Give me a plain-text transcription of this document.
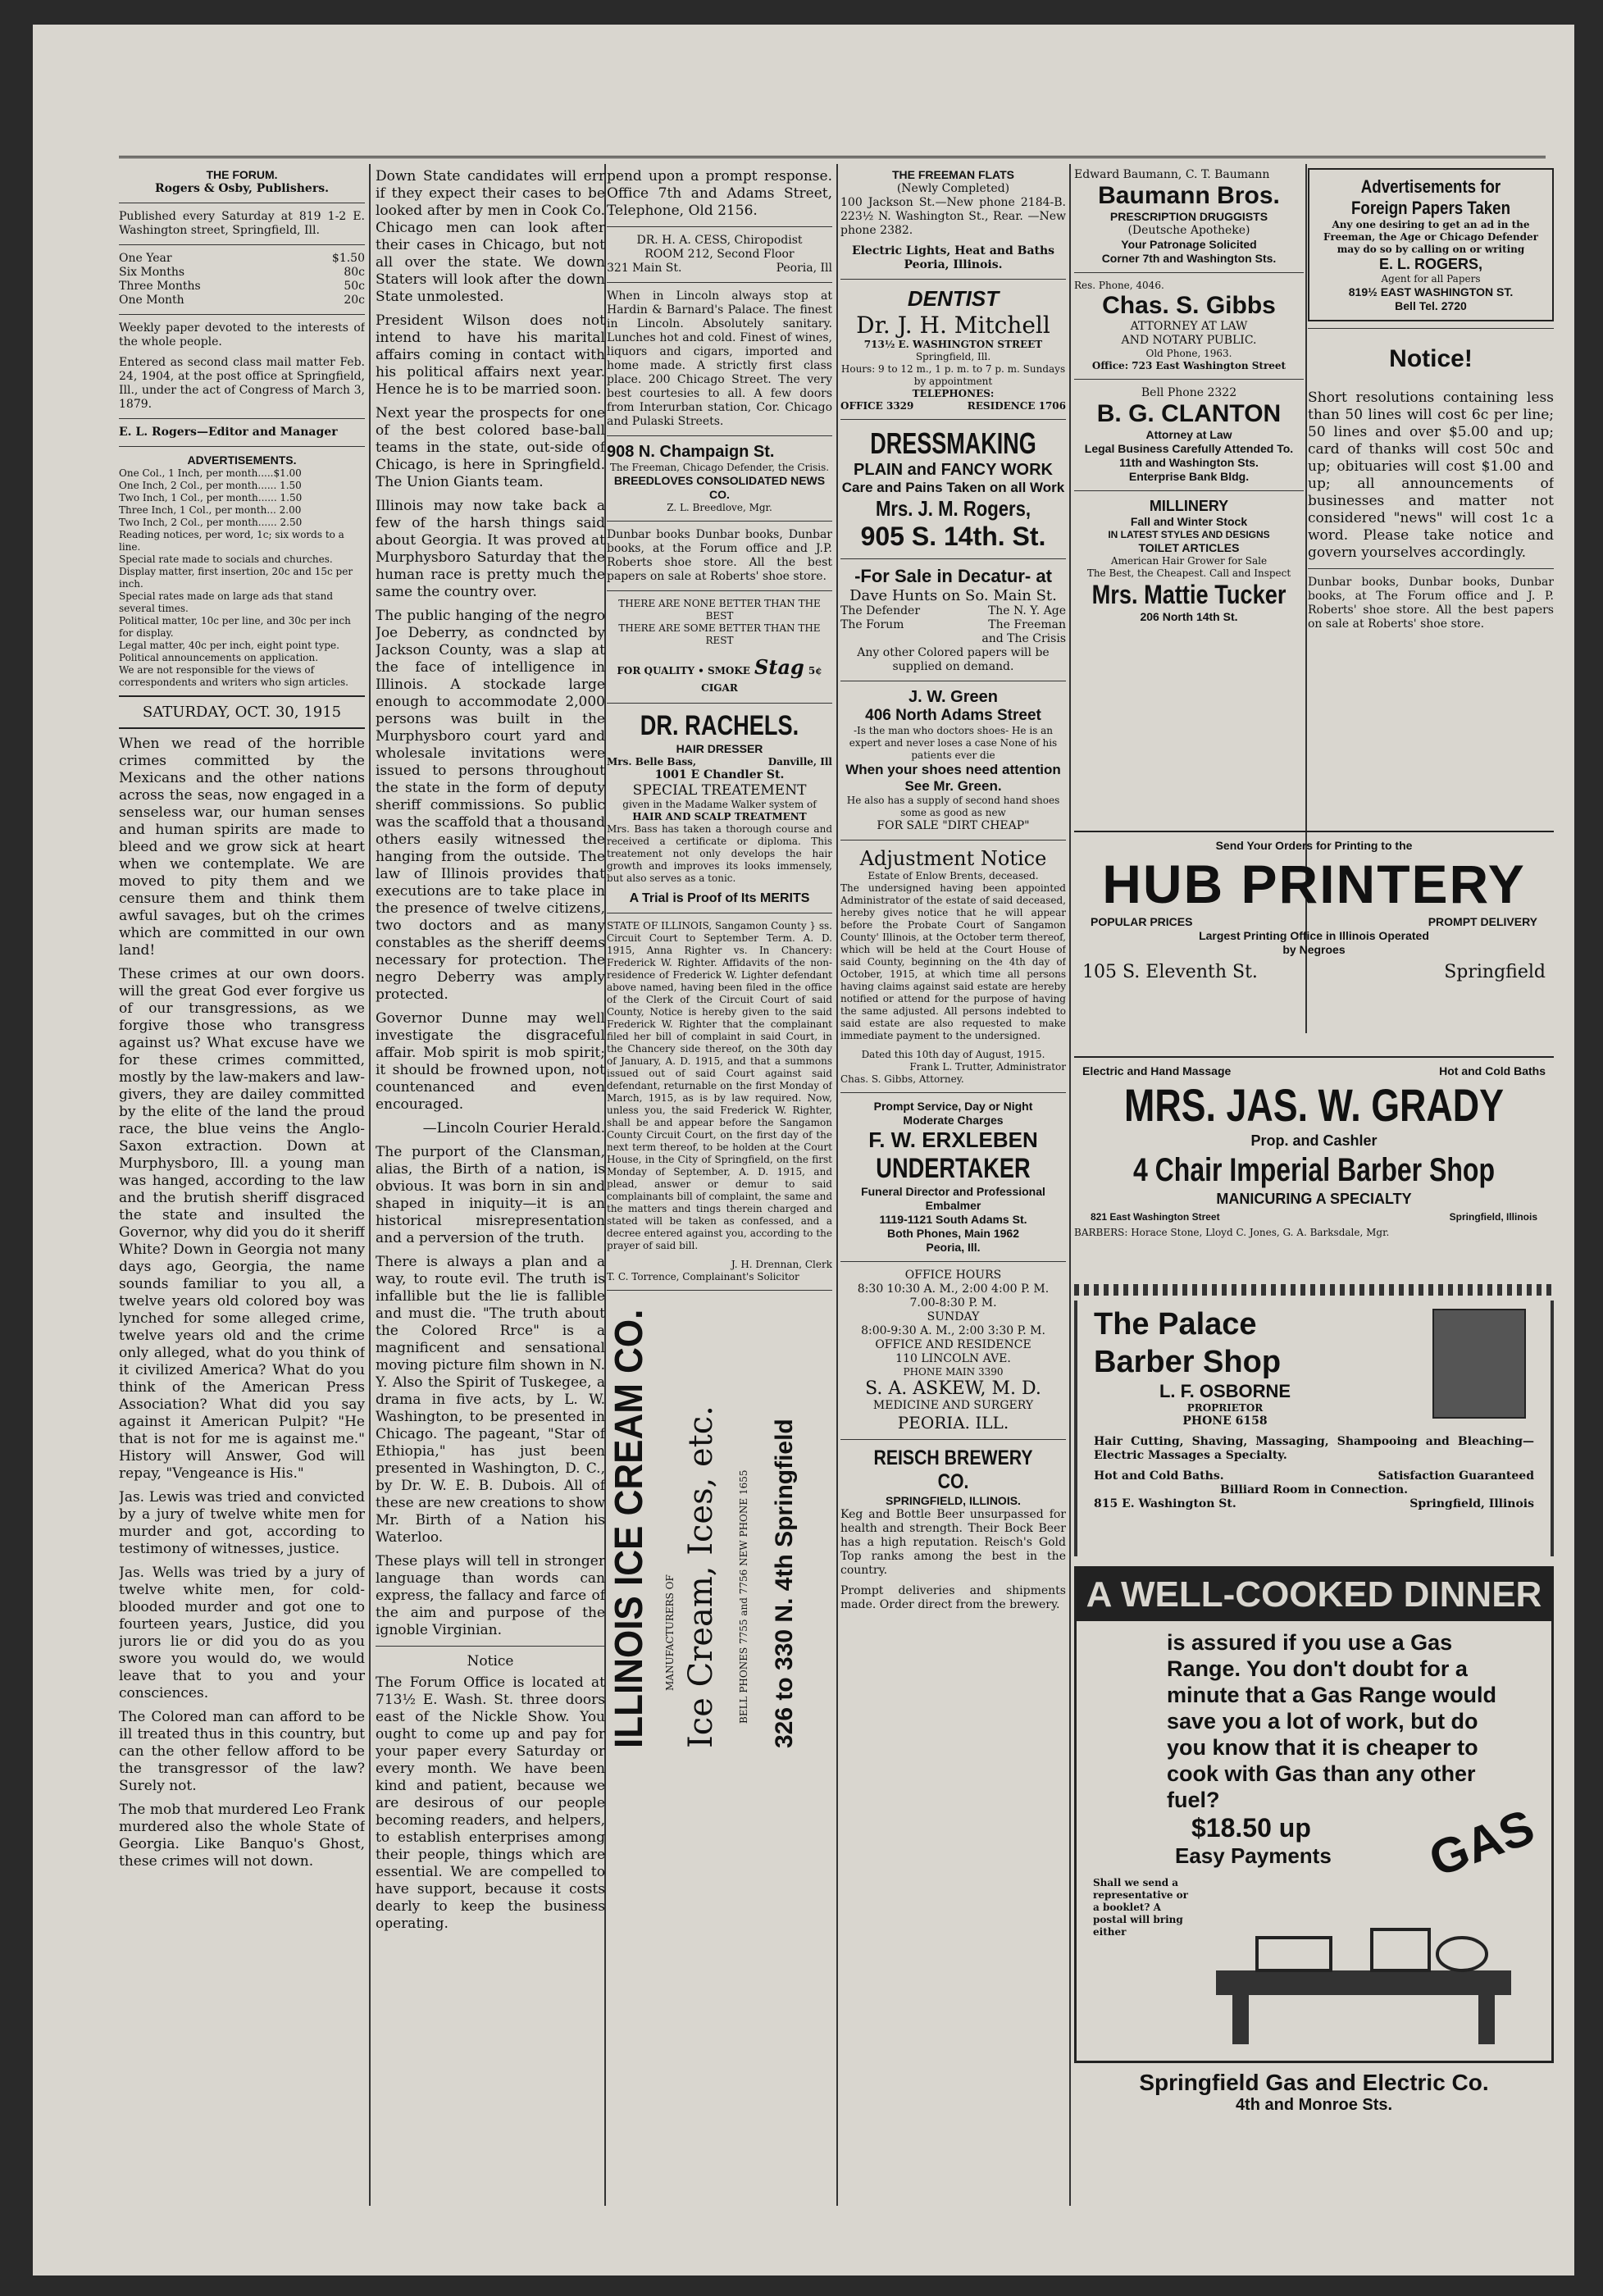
THE FORUM.
Rogers & Osby, Publishers.

Published every Saturday at 819 1-2 E. Washington street, Springfield, Ill.

One Year	$1.50
Six Months	80c
Three Months	50c
One Month	20c

Weekly paper devoted to the interests of the whole people.

Entered as second class mail matter Feb. 24, 1904, at the post office at Springfield, Ill., under the act of Congress of March 3, 1879.

E. L. Rogers—Editor and Manager
ADVERTISEMENTS.
One Col., 1 Inch, per month.....$1.00
One Inch, 2 Col., per month...... 1.50
Two Inch, 1 Col., per month...... 1.50
Three Inch, 1 Col., per month... 2.00
Two Inch, 2 Col., per month...... 2.50
Reading notices, per word, 1c; six words to a line.
Special rate made to socials and churches.
Display matter, first insertion, 20c and 15c per inch.
Special rates made on large ads that stand several times.
Political matter, 10c per line, and 30c per inch for display.
Legal matter, 40c per inch, eight point type.
Political announcements on application.
We are not responsible for the views of correspondents and writers who sign articles.
SATURDAY, OCT. 30, 1915

When we read of the horrible crimes committed by the Mexicans and the other nations across the seas, now engaged in a senseless war, our human senses and human spirits are made to bleed and we grow sick at heart when we contemplate. We are moved to pity them and we censure them and think them awful savages, but oh the crimes which are committed in our own land!

These crimes at our own doors. will the great God ever forgive us of our transgressions, as we forgive those who transgress against us? What excuse have we for these crimes committed, mostly by the law-makers and law-givers, they are dailey committed by the elite of the land the proud race, the blue veins the Anglo-Saxon extraction. Down at Murphysboro, Ill. a young man was hanged, according to the law and the brutish sheriff disgraced the state and insulted the Governor, why did you do it sheriff White? Down in Georgia not many days ago, Georgia, the name sounds familiar to you all, a twelve years old colored boy was lynched for some alleged crime, twelve years old and the crime only alleged, what do you think of it civilized America? What do you think of the American Press Association? What did you say against it American Pulpit? "He that is not for me is against me." History will Answer, God will repay, "Vengeance is His."

Jas. Lewis was tried and convicted by a jury of twelve white men for murder and got, according to testimony of witnesses, justice.

Jas. Wells was tried by a jury of twelve white men, for cold-blooded murder and got one to fourteen years, Justice, did you jurors lie or did you do as you swore you would do, we would leave that to you and your consciences.

The Colored man can afford to be ill treated thus in this country, but can the other fellow afford to be the transgressor of the law? Surely not.

The mob that murdered Leo Frank murdered also the whole State of Georgia. Like Banquo's Ghost, these crimes will not down.

Down State candidates will err if they expect their cases to be looked after by men in Cook Co. Chicago men can look after their cases in Chicago, but not all over the state. We down Staters will look after the down State unmolested.

President Wilson does not intend to have his marital affairs coming in contact with his political affairs next year. Hence he is to be married soon.

Next year the prospects for one of the best colored base-ball teams in the state, out-side of Chicago, is here in Springfield. The Union Giants team.

Illinois may now take back a few of the harsh things said about Georgia. It was proved at Murphysboro Saturday that the human race is pretty much the same the country over.

The public hanging of the negro Joe Deberry, as condncted by Jackson County, was a slap at the face of intelligence in Illinois. A stockade large enough to accommodate 2,000 persons was built in the Murphysboro court yard and wholesale invitations were issued to persons throughout the state in the form of deputy sheriff commissions. So public was the scaffold that a thousand others easily witnessed the hanging from the outside. The law of Illinois provides that executions are to take place in the presence of twelve citizens, two doctors and as many constables as the sheriff deems necessary for protection. The negro Deberry was amply protected.

Governor Dunne may well investigate the disgraceful affair. Mob spirit is mob spirit; it should be frowned upon, not countenanced and even encouraged.

—Lincoln Courier Herald.

The purport of the Clansman, alias, the Birth of a nation, is obvious. It was born in sin and shaped in iniquity—it is an historical misrepresentation and a perversion of the truth.

There is always a plan and a way, to route evil. The truth is infallible but the lie is fallible and must die. "The truth about the Colored Rrce" is a magnificent and sensational moving picture film shown in N. Y. Also the Spirit of Tuskegee, a drama in five acts, by L. W. Washington, to be presented in Chicago. The pageant, "Star of Ethiopia," has just been presented in Washington, D. C., by Dr. W. E. B. Dubois. All of these are new creations to show Mr. Birth of a Nation his Waterloo.

These plays will tell in stronger language than words can express, the fallacy and farce of the aim and purpose of the ignoble Virginian.

Notice

The Forum Office is located at 713½ E. Wash. St. three doors east of the Nickle Show. You ought to come up and pay for your paper every Saturday or every month. We have been kind and patient, because we are desirous of our people becoming readers, and helpers, to establish enterprises among their people, things which are essential. We are compelled to have support, because it costs dearly to keep the business operating.

pend upon a prompt response. Office 7th and Adams Street, Telephone, Old 2156.

DR. H. A. CESS, Chiropodist
ROOM 212, Second Floor
321 Main St.	Peoria, Ill

When in Lincoln always stop at Hardin & Barnard's Palace. The finest in Lincoln. Absolutely sanitary. Lunches hot and cold. Finest of wines, liquors and cigars, imported and home made. A strictly first class place. 200 Chicago Street. The very best courtesies to all. A few doors from Interurban station, Cor. Chicago and Pulaski Streets.

908 N. Champaign St.
The Freeman, Chicago Defender, the Crisis.
BREEDLOVES CONSOLIDATED NEWS CO.
Z. L. Breedlove, Mgr.

Dunbar books Dunbar books, Dunbar books, at the Forum office and J.P. Roberts shoe store. All the best papers on sale at Roberts' shoe store.

THERE ARE NONE BETTER THAN THE BEST
THERE ARE SOME BETTER THAN THE REST
FOR QUALITY • SMOKE Stag 5¢ CIGAR
DR. RACHELS.
HAIR DRESSER
Mrs. Belle Bass,	Danville, Ill
1001 E Chandler St.
SPECIAL TREATEMENT
given in the Madame Walker system of
HAIR AND SCALP TREATMENT

Mrs. Bass has taken a thorough course and received a certificate or diploma. This treatement not only develops the hair growth and improves its looks immensely, but also serves as a tonic.

A Trial is Proof of Its MERITS
STATE OF ILLINOIS, Sangamon County } ss.

Circuit Court to September Term. A. D. 1915, Anna Righter vs. In Chancery: Frederick W. Righter. Affidavits of the non-residence of Frederick W. Lighter defendant above named, having been filed in the office of the Clerk of the Circuit Court of said County, Notice is hereby given to the said Frederick W. Righter that the complainant filed her bill of complaint in said Court, in the Chancery side thereof, on the 30th day of January, A. D. 1915, and that a summons issued out of said Court against said defendant, returnable on the first Monday of March, 1915, as is by law required. Now, unless you, the said Frederick W. Righter, shall be and appear before the Sangamon County Circuit Court, on the first day of the next term thereof, to be holden at the Court House, in the City of Springfield, on the first Monday of September, A. D. 1915, and plead, answer or demur to said complainants bill of complaint, the same and the matters and tings therein charged and stated will be taken as confessed, and a decree entered against you, according to the prayer of said bill.

J. H. Drennan, Clerk
T. C. Torrence, Complainant's Solicitor
ILLINOIS ICE CREAM CO. MANUFACTURERS OF Ice Cream, Ices, etc. BELL PHONES 7755 and 7756 NEW PHONE 1655 326 to 330 N. 4th Springfield
THE FREEMAN FLATS
(Newly Completed)

100 Jackson St.—New phone 2184-B. 223½ N. Washington St., Rear. —New phone 2382.

Electric Lights, Heat and Baths Peoria, Illinois.
DENTIST
Dr. J. H. Mitchell
713½ E. WASHINGTON STREET
Springfield, Ill.
Hours: 9 to 12 m., 1 p. m. to 7 p. m. Sundays by appointment
TELEPHONES:
OFFICE 3329	RESIDENCE 1706
DRESSMAKING
PLAIN and FANCY WORK
Care and Pains Taken on all Work
Mrs. J. M. Rogers,
905 S. 14th. St.
-For Sale in Decatur- at
Dave Hunts on So. Main St.
The Defender	The N. Y. Age
The Forum	The Freeman
and The Crisis
Any other Colored papers will be supplied on demand.
J. W. Green
406 North Adams Street
-Is the man who doctors shoes- He is an expert and never loses a case None of his patients ever die
When your shoes need attention See Mr. Green.
He also has a supply of second hand shoes some as good as new
FOR SALE "DIRT CHEAP"
Adjustment Notice
Estate of Enlow Brents, deceased.

The undersigned having been appointed Administrator of the estate of said deceased, hereby gives notice that he will appear before the Probate Court of Sangamon County' Illinois, at the October term thereof, which will be held at the Court House of said County, beginning on the 4th day of October, 1915, at which time all persons having claims against said estate are hereby notified or attend for the purpose of having the same adjusted. All persons indebted to said estate are also requested to make immediate payment to the undersigned.

Dated this 10th day of August, 1915.
Frank L. Trutter, Administrator
Chas. S. Gibbs, Attorney.
Prompt Service, Day or Night
Moderate Charges
F. W. ERXLEBEN
UNDERTAKER
Funeral Director and Professional Embalmer
1119-1121 South Adams St.
Both Phones, Main 1962
Peoria, Ill.
OFFICE HOURS
8:30 10:30 A. M., 2:00 4:00 P. M.
7.00-8:30 P. M.
SUNDAY
8:00-9:30 A. M., 2:00 3:30 P. M.
OFFICE AND RESIDENCE
110 LINCOLN AVE.
PHONE MAIN 3390
S. A. ASKEW, M. D.
MEDICINE AND SURGERY
PEORIA. ILL.
REISCH BREWERY CO.
SPRINGFIELD, ILLINOIS.

Keg and Bottle Beer unsurpassed for health and strength. Their Bock Beer has a high reputation. Reisch's Gold Top ranks among the best in the country.

Prompt deliveries and shipments made. Order direct from the brewery.

Edward Baumann, C. T. Baumann
Baumann Bros.
PRESCRIPTION DRUGGISTS
(Deutsche Apotheke)
Your Patronage Solicited
Corner 7th and Washington Sts.
Res. Phone, 4046.
Chas. S. Gibbs
ATTORNEY AT LAW
AND NOTARY PUBLIC.
Old Phone, 1963.
Office: 723 East Washington Street
Bell Phone 2322
B. G. CLANTON
Attorney at Law
Legal Business Carefully Attended To.
11th and Washington Sts.
Enterprise Bank Bldg.
MILLINERY
Fall and Winter Stock
IN LATEST STYLES AND DESIGNS
TOILET ARTICLES
American Hair Grower for Sale
The Best, the Cheapest. Call and Inspect
Mrs. Mattie Tucker
206 North 14th St.
Advertisements for Foreign Papers Taken
Any one desiring to get an ad in the Freeman, the Age or Chicago Defender may do so by calling on or writing
E. L. ROGERS,
Agent for all Papers
819½ EAST WASHINGTON ST.
Bell Tel. 2720
Notice!

Short resolutions containing less than 50 lines will cost 6c per line; 50 lines and over $5.00 and up; card of thanks will cost 50c and up; obituaries will cost $1.00 and up; all announcements of businesses and matter not considered "news" will cost 1c a word. Please take notice and govern yourselves accordingly.

Dunbar books, Dunbar books, Dunbar books, at The Forum office and J. P. Roberts' shoe store. All the best papers on sale at Roberts' shoe store.

Send Your Orders for Printing to the
HUB PRINTERY
POPULAR PRICES	PROMPT DELIVERY
Largest Printing Office in Illinois Operated
by Negroes
105 S. Eleventh St.	Springfield
Electric and Hand Massage	Hot and Cold Baths
MRS. JAS. W. GRADY
Prop. and Cashler
4 Chair Imperial Barber Shop
MANICURING A SPECIALTY
821 East Washington Street	Springfield, Illinois
BARBERS: Horace Stone, Lloyd C. Jones, G. A. Barksdale, Mgr.
The Palace
Barber Shop
L. F. OSBORNE
PROPRIETOR
PHONE 6158

Hair Cutting, Shaving, Massaging, Shampooing and Bleaching—Electric Massages a Specialty.

Hot and Cold Baths.	Satisfaction Guaranteed
Billiard Room in Connection.
815 E. Washington St.	Springfield, Illinois
A WELL-COOKED DINNER

is assured if you use a Gas Range. You don't doubt for a minute that a Gas Range would save you a lot of work, but do you know that it is cheaper to cook with Gas than any other fuel?

$18.50 up
Easy Payments
Shall we send a representative or a booklet? A postal will bring either
GAS
Springfield Gas and Electric Co.
4th and Monroe Sts.
